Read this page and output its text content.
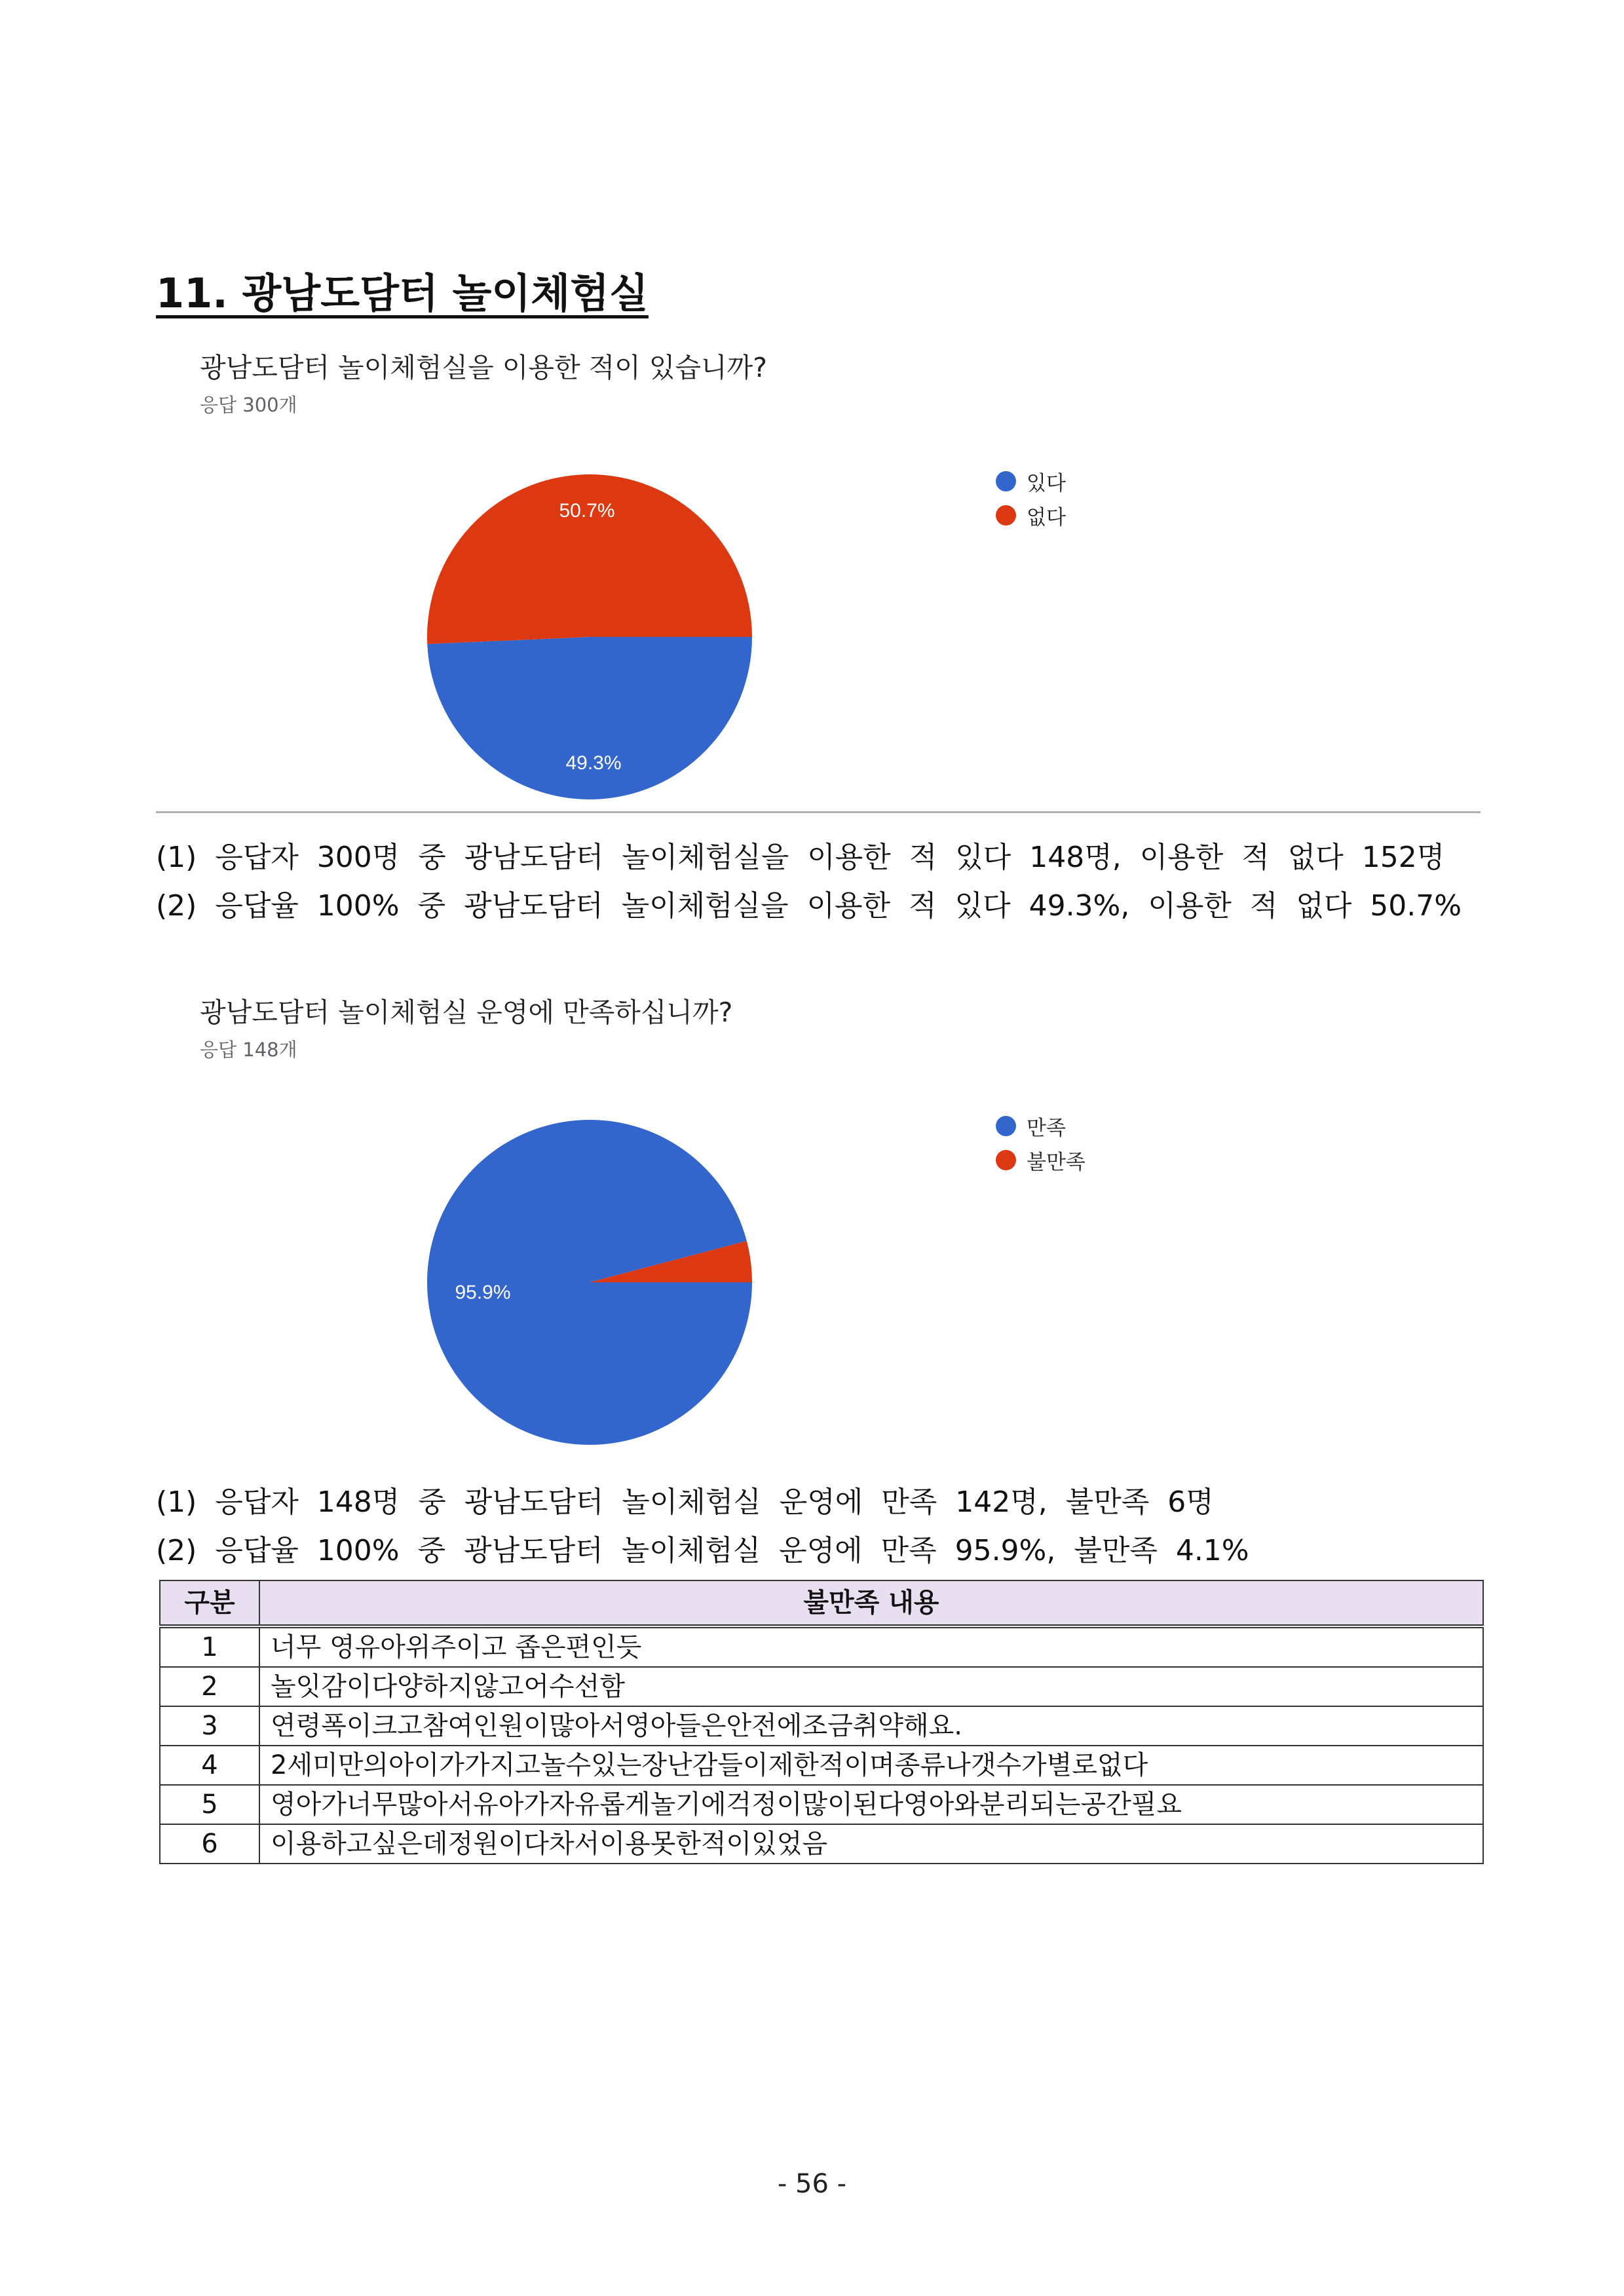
11. 광남도담터 놀이체험실
광남도담터 놀이체험실을 이용한 적이 있습니까?
응답 300개
49.3%
50.7%
있다
없다
(1) 응답자 300명 중 광남도담터 놀이체험실을 이용한 적 있다 148명, 이용한 적 없다 152명
(2) 응답율 100% 중 광남도담터 놀이체험실을 이용한 적 있다 49.3%, 이용한 적 없다 50.7%
광남도담터 놀이체험실 운영에 만족하십니까?
응답 148개
95.9%
만족
불만족
(1) 응답자 148명 중 광남도담터 놀이체험실 운영에 만족 142명, 불만족 6명
(2) 응답율 100% 중 광남도담터 놀이체험실 운영에 만족 95.9%, 불만족 4.1%
구분	불만족 내용
1	너무 영유아위주이고 좁은편인듯
2	놀잇감이다양하지않고어수선함
3	연령폭이크고참여인원이많아서영아들은안전에조금취약해요.
4	2세미만의아이가가지고놀수있는장난감들이제한적이며종류나갯수가별로없다
5	영아가너무많아서유아가자유롭게놀기에걱정이많이된다영아와분리되는공간필요
6	이용하고싶은데정원이다차서이용못한적이있었음
- 56 -
